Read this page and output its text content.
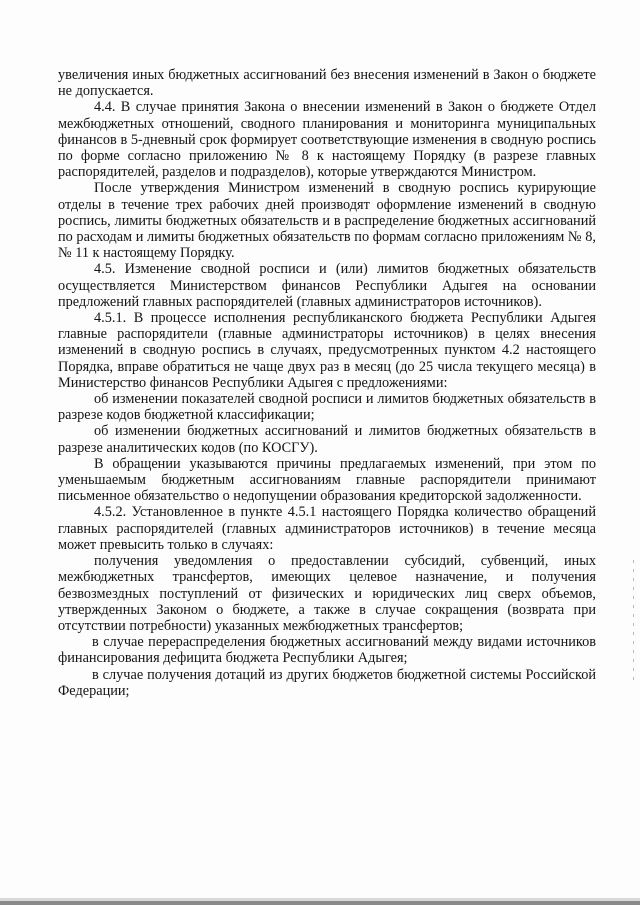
увеличения иных бюджетных ассигнований без внесения изменений в Закон о бюджете не допускается.

4.4. В случае принятия Закона о внесении изменений в Закон о бюджете Отдел межбюджетных отношений, сводного планирования и мониторинга муниципальных финансов в 5-дневный срок формирует соответствующие изменения в сводную роспись по форме согласно приложению № 8 к настоящему Порядку (в разрезе главных распорядителей, разделов и подразделов), которые утверждаются Министром.

После утверждения Министром изменений в сводную роспись курирующие отделы в течение трех рабочих дней производят оформление изменений в сводную роспись, лимиты бюджетных обязательств и в распределение бюджетных ассигнований по расходам и лимиты бюджетных обязательств по формам согласно приложениям № 8, № 11 к настоящему Порядку.

4.5. Изменение сводной росписи и (или) лимитов бюджетных обязательств осуществляется Министерством финансов Республики Адыгея на основании предложений главных распорядителей (главных администраторов источников).

4.5.1. В процессе исполнения республиканского бюджета Республики Адыгея главные распорядители (главные администраторы источников) в целях внесения изменений в сводную роспись в случаях, предусмотренных пунктом 4.2 настоящего Порядка, вправе обратиться не чаще двух раз в месяц (до 25 числа текущего месяца) в Министерство финансов Республики Адыгея с предложениями:

об изменении показателей сводной росписи и лимитов бюджетных обязательств в разрезе кодов бюджетной классификации;

об изменении бюджетных ассигнований и лимитов бюджетных обязательств в разрезе аналитических кодов (по КОСГУ).

В обращении указываются причины предлагаемых изменений, при этом по уменьшаемым бюджетным ассигнованиям главные распорядители принимают письменное обязательство о недопущении образования кредиторской задолженности.

4.5.2. Установленное в пункте 4.5.1 настоящего Порядка количество обращений главных распорядителей (главных администраторов источников) в течение месяца может превысить только в случаях:

получения уведомления о предоставлении субсидий, субвенций, иных межбюджетных трансфертов, имеющих целевое назначение, и получения безвозмездных поступлений от физических и юридических лиц сверх объемов, утвержденных Законом о бюджете, а также в случае сокращения (возврата при отсутствии потребности) указанных межбюджетных трансфертов;

в случае перераспределения бюджетных ассигнований между видами источников финансирования дефицита бюджета Республики Адыгея;

в случае получения дотаций из других бюджетов бюджетной системы Российской Федерации;
